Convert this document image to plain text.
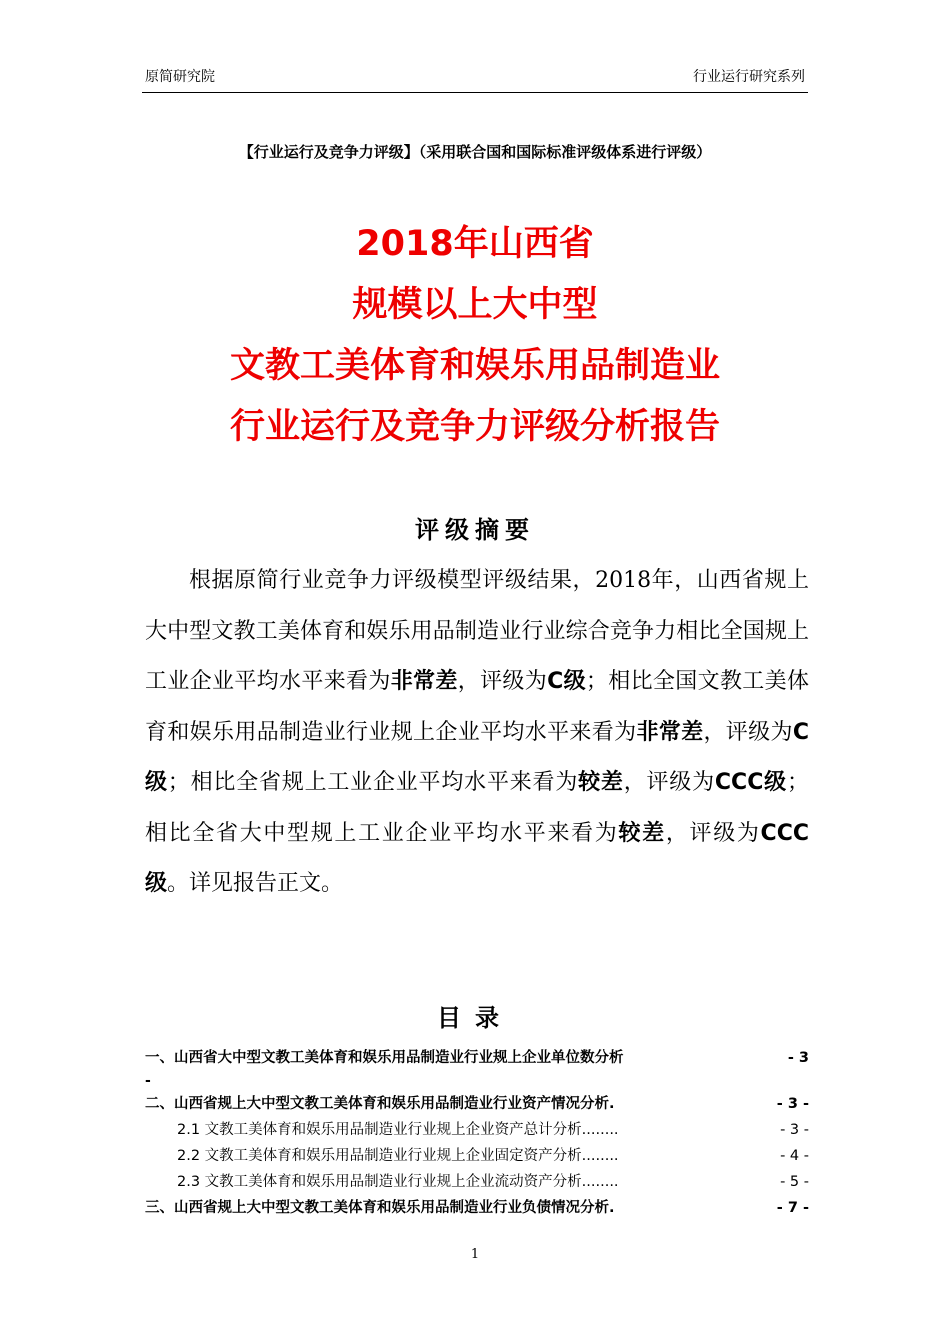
原简研究院	行业运行研究系列
【行业运行及竞争力评级】（采用联合国和国际标准评级体系进行评级）
2018年山西省
规模以上大中型
文教工美体育和娱乐用品制造业
行业运行及竞争力评级分析报告
评级摘要
根据原简行业竞争力评级模型评级结果，2018年，山西省规上大中型文教工美体育和娱乐用品制造业行业综合竞争力相比全国规上工业企业平均水平来看为非常差，评级为C级；相比全国文教工美体育和娱乐用品制造业行业规上企业平均水平来看为非常差，评级为C级；相比全省规上工业企业平均水平来看为较差，评级为CCC级；相比全省大中型规上工业企业平均水平来看为较差，评级为CCC级。详见报告正文。
目录
一、山西省大中型文教工美体育和娱乐用品制造业行业规上企业单位数分析	- 3
-
二、山西省规上大中型文教工美体育和娱乐用品制造业行业资产情况分析.	- 3 -
2.1 文教工美体育和娱乐用品制造业行业规上企业资产总计分析........	- 3 -
2.2 文教工美体育和娱乐用品制造业行业规上企业固定资产分析........	- 4 -
2.3 文教工美体育和娱乐用品制造业行业规上企业流动资产分析........	- 5 -
三、山西省规上大中型文教工美体育和娱乐用品制造业行业负债情况分析.	- 7 -
1
